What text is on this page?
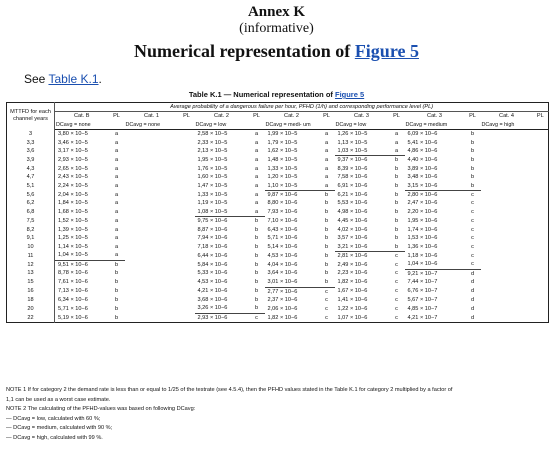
Annex K
(informative)
Numerical representation of Figure 5
See Table K.1.
Table K.1 — Numerical representation of Figure 5
MTTFD for each channel years	Average probability of a dangerous failure per hour, PFHD (1/h) and corresponding performance level (PL)													
	Cat. B	PL	Cat. 1	PL	Cat. 2	PL	Cat. 2	PL	Cat. 3	PL	Cat. 3	PL	Cat. 4	PL
	DCavg = none		DCavg = none		DCavg = low		DCavg = medi- um		DCavg = low		DCavg = medium		DCavg = high	
3	3,80 × 10−5	a			2,58 × 10−5	a	1,99 × 10−5	a	1,26 × 10−5	a	6,09 × 10−6	b		
3,3	3,46 × 10−5	a			2,33 × 10−5	a	1,79 × 10−5	a	1,13 × 10−5	a	5,41 × 10−6	b		
3,6	3,17 × 10−5	a			2,13 × 10−5	a	1,62 × 10−5	a	1,03 × 10−5	a	4,86 × 10−6	b		
3,9	2,93 × 10−5	a			1,95 × 10−5	a	1,48 × 10−5	a	9,37 × 10−6	b	4,40 × 10−6	b		
4,3	2,65 × 10−5	a			1,76 × 10−5	a	1,33 × 10−5	a	8,39 × 10−6	b	3,89 × 10−6	b		
4,7	2,43 × 10−5	a			1,60 × 10−5	a	1,20 × 10−5	a	7,58 × 10−6	b	3,48 × 10−6	b		
5,1	2,24 × 10−5	a			1,47 × 10−5	a	1,10 × 10−5	a	6,91 × 10−6	b	3,15 × 10−6	b		
5,6	2,04 × 10−5	a			1,33 × 10−5	a	9,87 × 10−6	b	6,21 × 10−6	b	2,80 × 10−6	c		
6,2	1,84 × 10−5	a			1,19 × 10−5	a	8,80 × 10−6	b	5,53 × 10−6	b	2,47 × 10−6	c		
6,8	1,68 × 10−5	a			1,08 × 10−5	a	7,93 × 10−6	b	4,98 × 10−6	b	2,20 × 10−6	c		
7,5	1,52 × 10−5	a			9,75 × 10−6	b	7,10 × 10−6	b	4,45 × 10−6	b	1,95 × 10−6	c		
8,2	1,39 × 10−5	a			8,87 × 10−6	b	6,43 × 10−6	b	4,02 × 10−6	b	1,74 × 10−6	c		
9,1	1,25 × 10−5	a			7,94 × 10−6	b	5,71 × 10−6	b	3,57 × 10−6	b	1,53 × 10−6	c		
10	1,14 × 10−5	a			7,18 × 10−6	b	5,14 × 10−6	b	3,21 × 10−6	b	1,36 × 10−6	c		
11	1,04 × 10−5	a			6,44 × 10−6	b	4,53 × 10−6	b	2,81 × 10−6	c	1,18 × 10−6	c		
12	9,51 × 10−6	b			5,84 × 10−6	b	4,04 × 10−6	b	2,49 × 10−6	c	1,04 × 10−6	c		
13	8,78 × 10−6	b			5,33 × 10−6	b	3,64 × 10−6	b	2,23 × 10−6	c	9,21 × 10−7	d		
15	7,61 × 10−6	b			4,53 × 10−6	b	3,01 × 10−6	b	1,82 × 10−6	c	7,44 × 10−7	d		
16	7,13 × 10−6	b			4,21 × 10−6	b	2,77 × 10−6	c	1,67 × 10−6	c	6,76 × 10−7	d		
18	6,34 × 10−6	b			3,68 × 10−6	b	2,37 × 10−6	c	1,41 × 10−6	c	5,67 × 10−7	d		
20	5,71 × 10−6	b			3,26 × 10−6	b	2,06 × 10−6	c	1,22 × 10−6	c	4,85 × 10−7	d		
22	5,19 × 10−6	b			2,93 × 10−6	c	1,82 × 10−6	c	1,07 × 10−6	c	4,21 × 10−7	d		
NOTE 1 If for category 2 the demand rate is less than or equal to 1/25 of the testrate (see 4.5.4), then the PFHD values stated in the Table K.1 for category 2 multiplied by a factor of
1,1 can be used as a worst case estimate.
NOTE 2 The calculating of the PFHD-values was based on following DCavg:
— DCavg = low, calculated with 60 %;
— DCavg = medium, calculated with 90 %;
— DCavg = high, calculated with 99 %.
